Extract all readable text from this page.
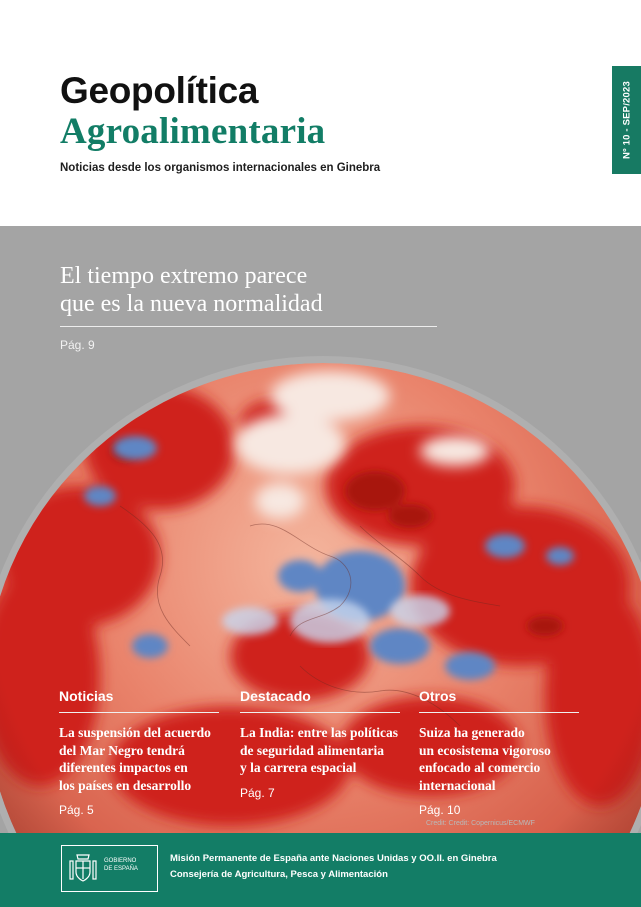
Geopolítica
Agroalimentaria
Noticias desde los organismos internacionales en Ginebra
Nº 10 - SEP/2023
El tiempo extremo parece
que es la nueva normalidad
Pág. 9
Noticias
La suspensión del acuerdo
del Mar Negro tendrá
diferentes impactos en
los países en desarrollo
Pág. 5
Destacado
La India: entre las políticas
de seguridad alimentaria
y la carrera espacial
Pág. 7
Otros
Suiza ha generado
un ecosistema vigoroso
enfocado al comercio
internacional
Pág. 10
Credit: Credit: Copernicus/ECMWF
GOBIERNO
DE ESPAÑA
Misión Permanente de España ante Naciones Unidas y OO.II. en Ginebra
Consejería de Agricultura, Pesca y Alimentación
